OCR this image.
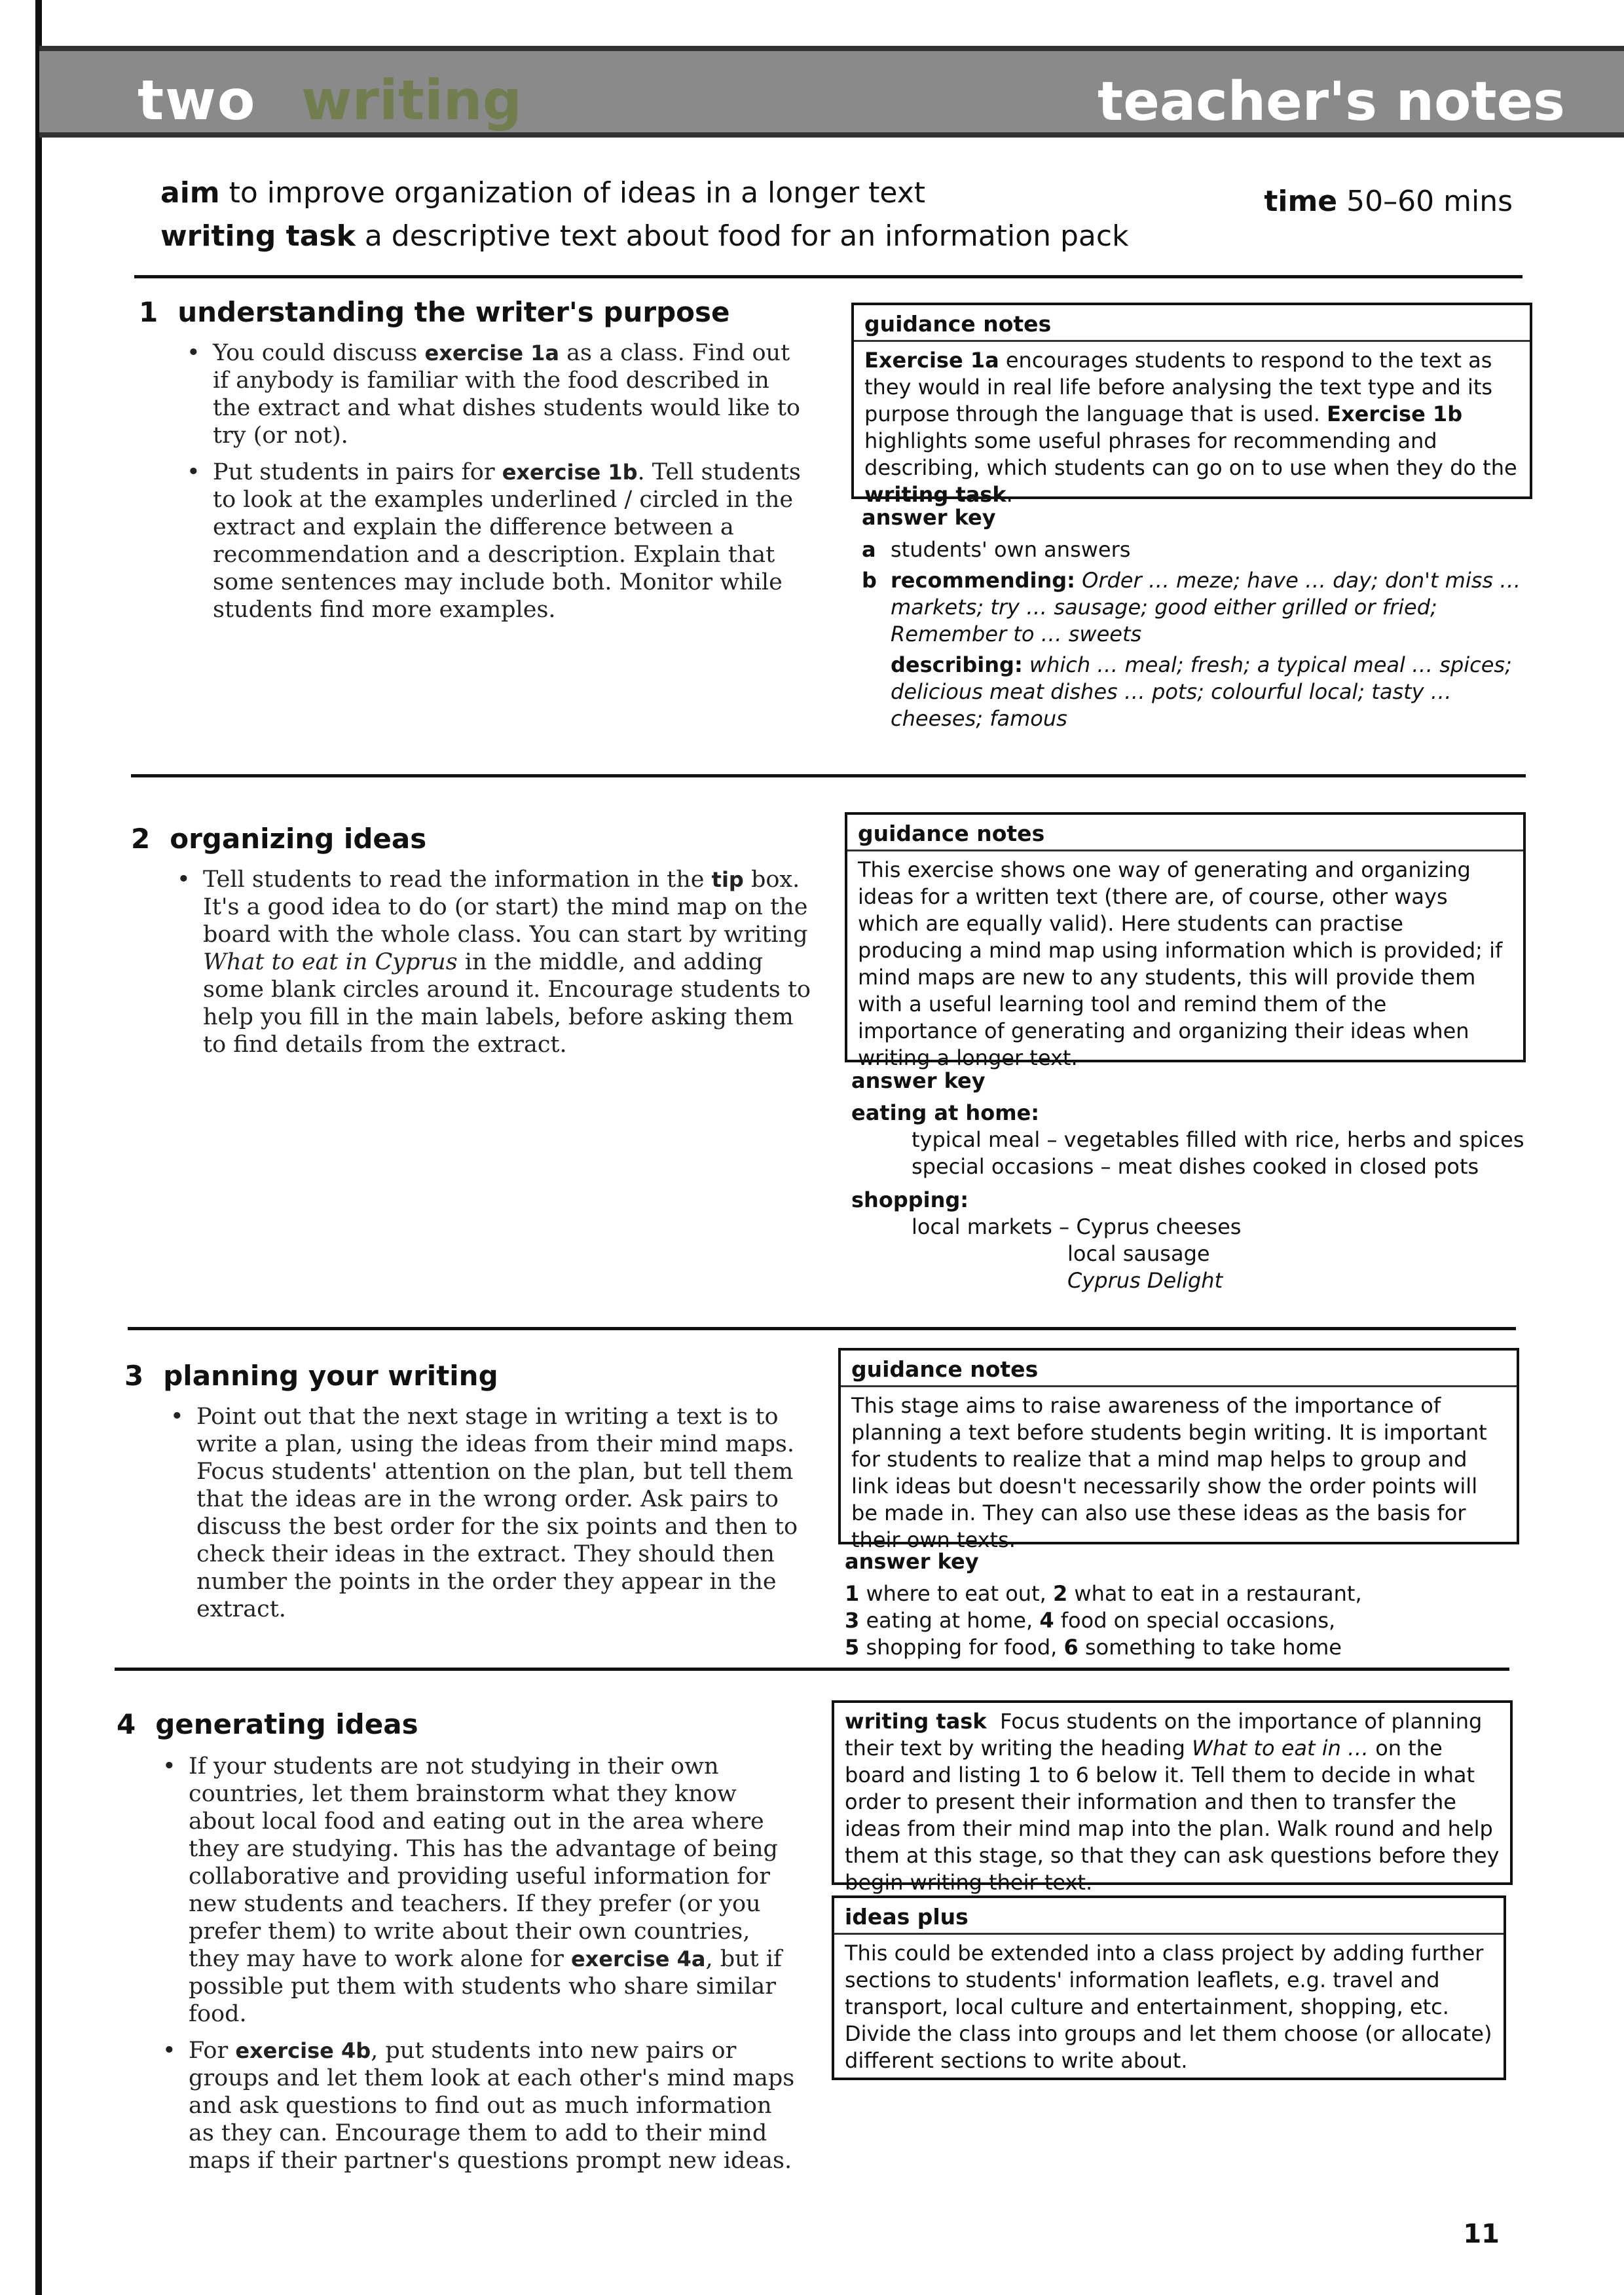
two writing	teacher's notes
aim to improve organization of ideas in a longer text
writing task a descriptive text about food for an information pack
time 50–60 mins
1 understanding the writer's purpose
• You could discuss exercise 1a as a class. Find out if anybody is familiar with the food described in the extract and what dishes students would like to try (or not).
• Put students in pairs for exercise 1b. Tell students to look at the examples underlined / circled in the extract and explain the difference between a recommendation and a description. Explain that some sentences may include both. Monitor while students find more examples.
guidance notes
Exercise 1a encourages students to respond to the text as they would in real life before analysing the text type and its purpose through the language that is used. Exercise 1b highlights some useful phrases for recommending and describing, which students can go on to use when they do the writing task.
answer key
a students' own answers
b recommending: Order … meze; have … day; don't miss … markets; try … sausage; good either grilled or fried; Remember to … sweets
describing: which … meal; fresh; a typical meal … spices; delicious meat dishes … pots; colourful local; tasty … cheeses; famous
2 organizing ideas
• Tell students to read the information in the tip box. It's a good idea to do (or start) the mind map on the board with the whole class. You can start by writing What to eat in Cyprus in the middle, and adding some blank circles around it. Encourage students to help you fill in the main labels, before asking them to find details from the extract.
guidance notes
This exercise shows one way of generating and organizing ideas for a written text (there are, of course, other ways which are equally valid). Here students can practise producing a mind map using information which is provided; if mind maps are new to any students, this will provide them with a useful learning tool and remind them of the importance of generating and organizing their ideas when writing a longer text.
answer key
eating at home:
typical meal – vegetables filled with rice, herbs and spices
special occasions – meat dishes cooked in closed pots
shopping:
local markets – Cyprus cheeses
local sausage
Cyprus Delight
3 planning your writing
• Point out that the next stage in writing a text is to write a plan, using the ideas from their mind maps. Focus students' attention on the plan, but tell them that the ideas are in the wrong order. Ask pairs to discuss the best order for the six points and then to check their ideas in the extract. They should then number the points in the order they appear in the extract.
guidance notes
This stage aims to raise awareness of the importance of planning a text before students begin writing. It is important for students to realize that a mind map helps to group and link ideas but doesn't necessarily show the order points will be made in. They can also use these ideas as the basis for their own texts.
answer key
1 where to eat out, 2 what to eat in a restaurant,
3 eating at home, 4 food on special occasions,
5 shopping for food, 6 something to take home
4 generating ideas
• If your students are not studying in their own countries, let them brainstorm what they know about local food and eating out in the area where they are studying. This has the advantage of being collaborative and providing useful information for new students and teachers. If they prefer (or you prefer them) to write about their own countries, they may have to work alone for exercise 4a, but if possible put them with students who share similar food.
• For exercise 4b, put students into new pairs or groups and let them look at each other's mind maps and ask questions to find out as much information as they can. Encourage them to add to their mind maps if their partner's questions prompt new ideas.
writing task Focus students on the importance of planning their text by writing the heading What to eat in … on the board and listing 1 to 6 below it. Tell them to decide in what order to present their information and then to transfer the ideas from their mind map into the plan. Walk round and help them at this stage, so that they can ask questions before they begin writing their text.
ideas plus
This could be extended into a class project by adding further sections to students' information leaflets, e.g. travel and transport, local culture and entertainment, shopping, etc. Divide the class into groups and let them choose (or allocate) different sections to write about.
11
